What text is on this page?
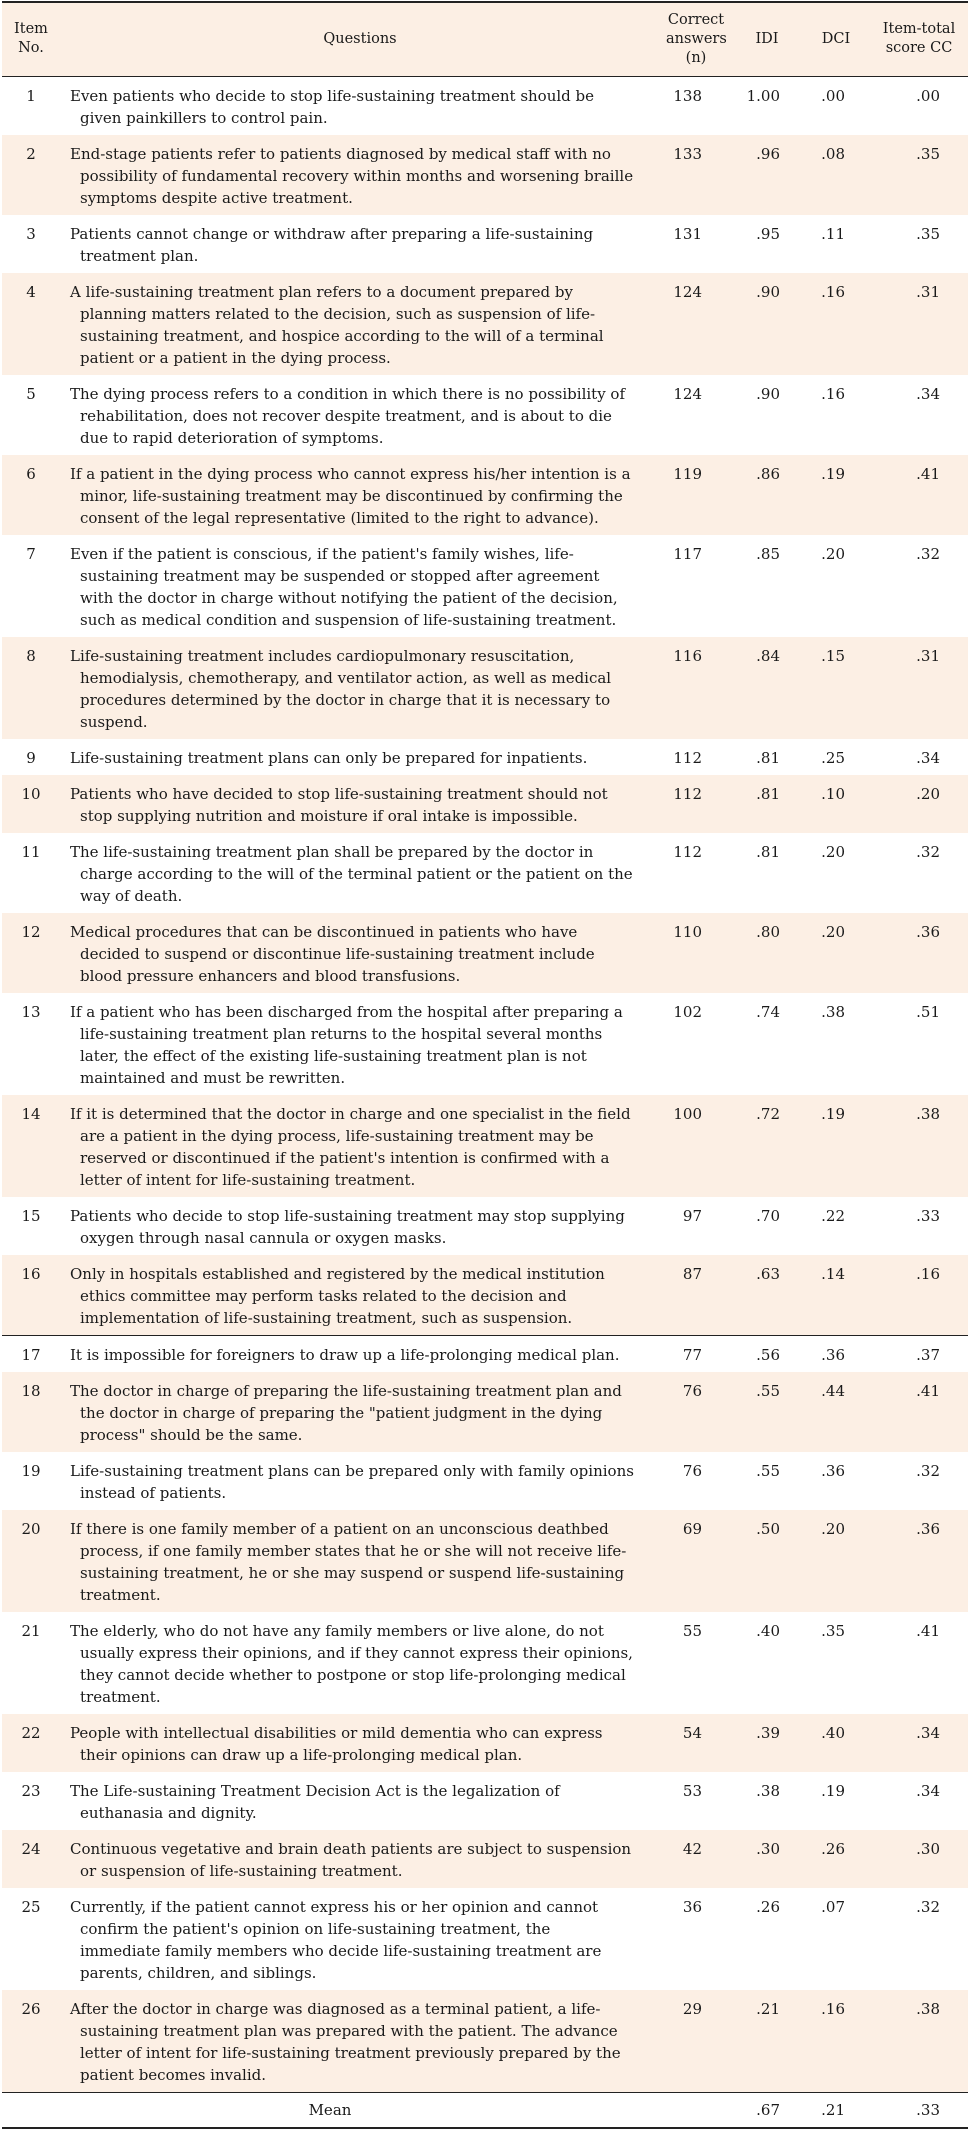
Item No.	Questions	Correct answers (n)	IDI	DCI	Item-total score CC
1	Even patients who decide to stop life-sustaining treatment should be given painkillers to control pain.	138	1.00	.00	.00
2	End-stage patients refer to patients diagnosed by medical staff with no possibility of fundamental recovery within months and worsening braille symptoms despite active treatment.	133	.96	.08	.35
3	Patients cannot change or withdraw after preparing a life-sustaining treatment plan.	131	.95	.11	.35
4	A life-sustaining treatment plan refers to a document prepared by planning matters related to the decision, such as suspension of life-sustaining treatment, and hospice according to the will of a terminal patient or a patient in the dying process.	124	.90	.16	.31
5	The dying process refers to a condition in which there is no possibility of rehabilitation, does not recover despite treatment, and is about to die due to rapid deterioration of symptoms.	124	.90	.16	.34
6	If a patient in the dying process who cannot express his/her intention is a minor, life-sustaining treatment may be discontinued by confirming the consent of the legal representative (limited to the right to advance).	119	.86	.19	.41
7	Even if the patient is conscious, if the patient's family wishes, life-sustaining treatment may be suspended or stopped after agreement with the doctor in charge without notifying the patient of the decision, such as medical condition and suspension of life-sustaining treatment.	117	.85	.20	.32
8	Life-sustaining treatment includes cardiopulmonary resuscitation, hemodialysis, chemotherapy, and ventilator action, as well as medical procedures determined by the doctor in charge that it is necessary to suspend.	116	.84	.15	.31
9	Life-sustaining treatment plans can only be prepared for inpatients.	112	.81	.25	.34
10	Patients who have decided to stop life-sustaining treatment should not stop supplying nutrition and moisture if oral intake is impossible.	112	.81	.10	.20
11	The life-sustaining treatment plan shall be prepared by the doctor in charge according to the will of the terminal patient or the patient on the way of death.	112	.81	.20	.32
12	Medical procedures that can be discontinued in patients who have decided to suspend or discontinue life-sustaining treatment include blood pressure enhancers and blood transfusions.	110	.80	.20	.36
13	If a patient who has been discharged from the hospital after preparing a life-sustaining treatment plan returns to the hospital several months later, the effect of the existing life-sustaining treatment plan is not maintained and must be rewritten.	102	.74	.38	.51
14	If it is determined that the doctor in charge and one specialist in the field are a patient in the dying process, life-sustaining treatment may be reserved or discontinued if the patient's intention is confirmed with a letter of intent for life-sustaining treatment.	100	.72	.19	.38
15	Patients who decide to stop life-sustaining treatment may stop supplying oxygen through nasal cannula or oxygen masks.	97	.70	.22	.33
16	Only in hospitals established and registered by the medical institution ethics committee may perform tasks related to the decision and implementation of life-sustaining treatment, such as suspension.	87	.63	.14	.16
17	It is impossible for foreigners to draw up a life-prolonging medical plan.	77	.56	.36	.37
18	The doctor in charge of preparing the life-sustaining treatment plan and the doctor in charge of preparing the "patient judgment in the dying process" should be the same.	76	.55	.44	.41
19	Life-sustaining treatment plans can be prepared only with family opinions instead of patients.	76	.55	.36	.32
20	If there is one family member of a patient on an unconscious deathbed process, if one family member states that he or she will not receive life-sustaining treatment, he or she may suspend or suspend life-sustaining treatment.	69	.50	.20	.36
21	The elderly, who do not have any family members or live alone, do not usually express their opinions, and if they cannot express their opinions, they cannot decide whether to postpone or stop life-prolonging medical treatment.	55	.40	.35	.41
22	People with intellectual disabilities or mild dementia who can express their opinions can draw up a life-prolonging medical plan.	54	.39	.40	.34
23	The Life-sustaining Treatment Decision Act is the legalization of euthanasia and dignity.	53	.38	.19	.34
24	Continuous vegetative and brain death patients are subject to suspension or suspension of life-sustaining treatment.	42	.30	.26	.30
25	Currently, if the patient cannot express his or her opinion and cannot confirm the patient's opinion on life-sustaining treatment, the immediate family members who decide life-sustaining treatment are parents, children, and siblings.	36	.26	.07	.32
26	After the doctor in charge was diagnosed as a terminal patient, a life-sustaining treatment plan was prepared with the patient. The advance letter of intent for life-sustaining treatment previously prepared by the patient becomes invalid.	29	.21	.16	.38
	Mean		.67	.21	.33
